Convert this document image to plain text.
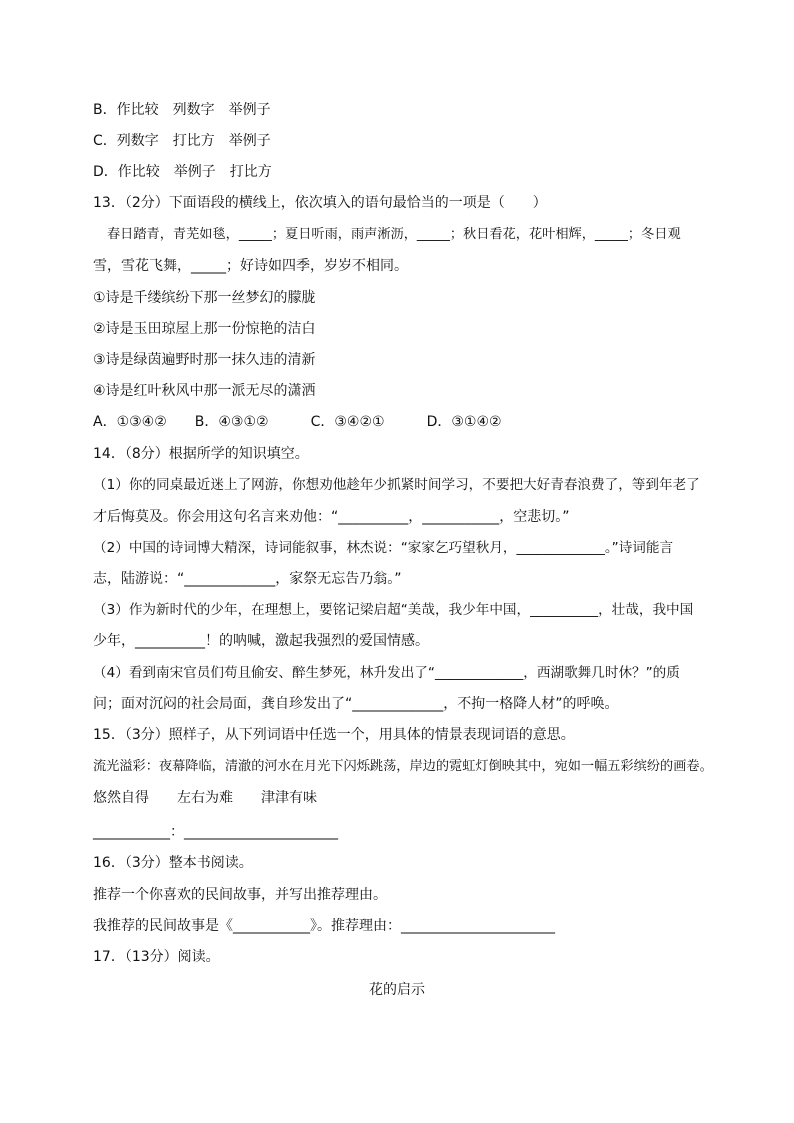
B．作比较　列数字　举例子
C．列数字　打比方　举例子
D．作比较　举例子　打比方
13．（2分）下面语段的横线上，依次填入的语句最恰当的一项是（　　）
春日踏青，青芜如毯，_____；夏日听雨，雨声淅沥，_____；秋日看花，花叶相辉，_____；冬日观
雪，雪花飞舞，_____；好诗如四季，岁岁不相同。
①诗是千缕缤纷下那一丝梦幻的朦胧
②诗是玉田琼屋上那一份惊艳的洁白
③诗是绿茵遍野时那一抹久违的清新
④诗是红叶秋风中那一派无尽的潇洒
A．①③④②　　B．④③①②　　　C．③④②①　　　D．③①④②
14．（8分）根据所学的知识填空。
（1）你的同桌最近迷上了网游，你想劝他趁年少抓紧时间学习，不要把大好青春浪费了，等到年老了
才后悔莫及。你会用这句名言来劝他：“__________，___________，空悲切。”
（2）中国的诗词博大精深，诗词能叙事，林杰说：“家家乞巧望秋月，_____________。”诗词能言
志，陆游说：“_____________，家祭无忘告乃翁。”
（3）作为新时代的少年，在理想上，要铭记梁启超“美哉，我少年中国，__________，壮哉，我中国
少年，__________！的呐喊，激起我强烈的爱国情感。
（4）看到南宋官员们苟且偷安、醉生梦死，林升发出了“_____________，西湖歌舞几时休？”的质
问；面对沉闷的社会局面，龚自珍发出了“_____________，不拘一格降人材”的呼唤。
15．（3分）照样子，从下列词语中任选一个，用具体的情景表现词语的意思。
流光溢彩：夜幕降临，清澈的河水在月光下闪烁跳荡，岸边的霓虹灯倒映其中，宛如一幅五彩缤纷的画卷。
悠然自得　　左右为难　　津津有味
___________：______________________
16．（3分）整本书阅读。
推荐一个你喜欢的民间故事，并写出推荐理由。
我推荐的民间故事是《___________》。推荐理由：______________________
17．（13分）阅读。
花的启示
